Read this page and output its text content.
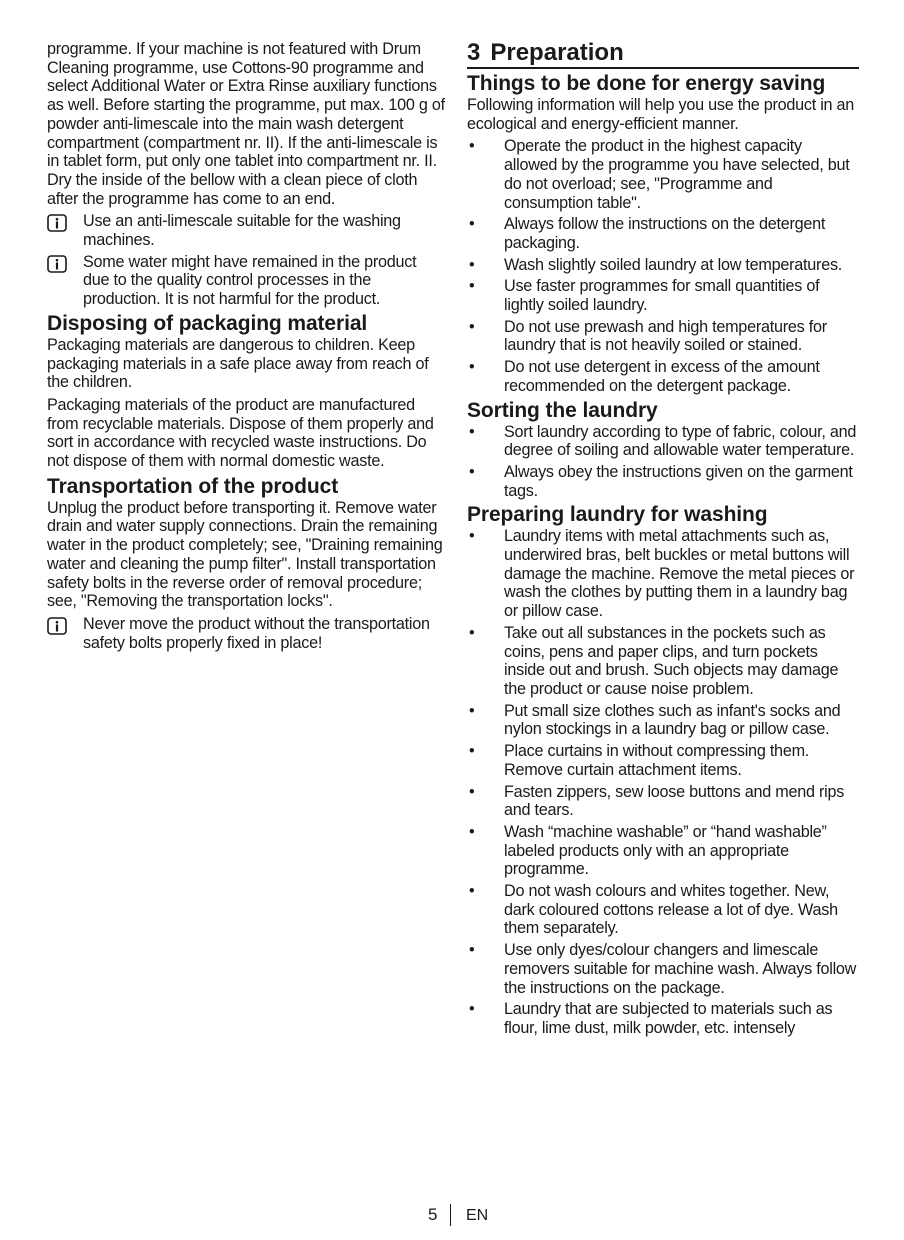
programme. If your machine is not featured with Drum Cleaning programme, use Cottons-90 programme and select Additional Water or Extra Rinse auxiliary functions as well. Before starting the programme, put max. 100 g of powder anti-limescale into the main wash detergent compartment (compartment nr. II). If the anti-limescale is in tablet form, put only one tablet into compartment nr. II. Dry the inside of the bellow with a clean piece of cloth after the programme has come to an end.

Use an anti-limescale suitable for the washing machines.
Some water might have remained in the product due to the quality control processes in the production. It is not harmful for the product.
Disposing of packaging material

Packaging materials are dangerous to children. Keep packaging materials in a safe place away from reach of the children.

Packaging materials of the product are manufactured from recyclable materials. Dispose of them properly and sort in accordance with recycled waste instructions. Do not dispose of them with normal domestic waste.

Transportation of the product

Unplug the product before transporting it. Remove water drain and water supply connections. Drain the remaining water in the product completely; see, "Draining remaining water and cleaning the pump filter". Install transportation safety bolts in the reverse order of removal procedure; see, "Removing the transportation locks".

Never move the product without the transportation safety bolts properly fixed in place!
3 Preparation
Things to be done for energy saving

Following information will help you use the product in an ecological and energy-efficient manner.

•	Operate the product in the highest capacity allowed by the programme you have selected, but do not overload; see, "Programme and consumption table".
•	Always follow the instructions on the detergent packaging.
•	Wash slightly soiled laundry at low temperatures.
•	Use faster programmes for small quantities of lightly soiled laundry.
•	Do not use prewash and high temperatures for laundry that is not heavily soiled or stained.
•	Do not use detergent in excess of the amount recommended on the detergent package.
Sorting the laundry
•	Sort laundry according to type of fabric, colour, and degree of soiling and allowable water temperature.
•	Always obey the instructions given on the garment tags.
Preparing laundry for washing
•	Laundry items with metal attachments such as, underwired bras, belt buckles or metal buttons will damage the machine. Remove the metal pieces or wash the clothes by putting them in a laundry bag or pillow case.
•	Take out all substances in the pockets such as coins, pens and paper clips, and turn pockets inside out and brush. Such objects may damage the product or cause noise problem.
•	Put small size clothes such as infant's socks and nylon stockings in a laundry bag or pillow case.
•	Place curtains in without compressing them. Remove curtain attachment items.
•	Fasten zippers, sew loose buttons and mend rips and tears.
•	Wash “machine washable” or “hand washable” labeled products only with an appropriate programme.
•	Do not wash colours and whites together. New, dark coloured cottons release a lot of dye. Wash them separately.
•	Use only dyes/colour changers and limescale removers suitable for machine wash. Always follow the instructions on the package.
•	Laundry that are subjected to materials such as flour, lime dust, milk powder, etc. intensely
5 EN
